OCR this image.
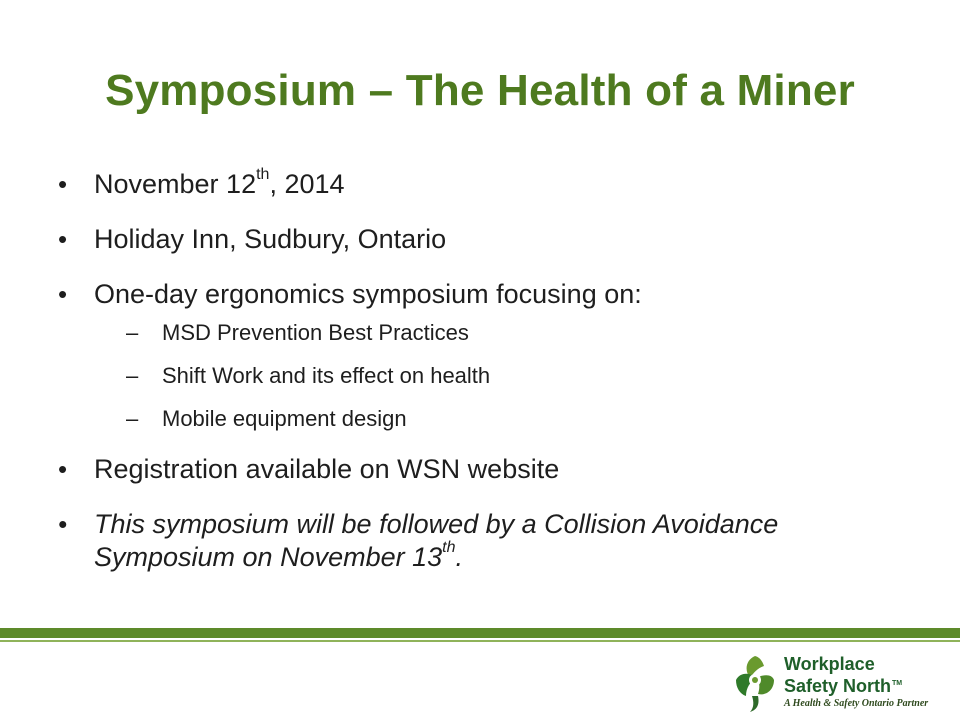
Symposium – The Health of a Miner
• November 12th, 2014
• Holiday Inn, Sudbury, Ontario
• One-day ergonomics symposium focusing on:
– MSD Prevention Best Practices
– Shift Work and its effect on health
– Mobile equipment design
• Registration available on WSN website
• This symposium will be followed by a Collision Avoidance Symposium on November 13th.
Workplace
Safety North™
A Health & Safety Ontario Partner
